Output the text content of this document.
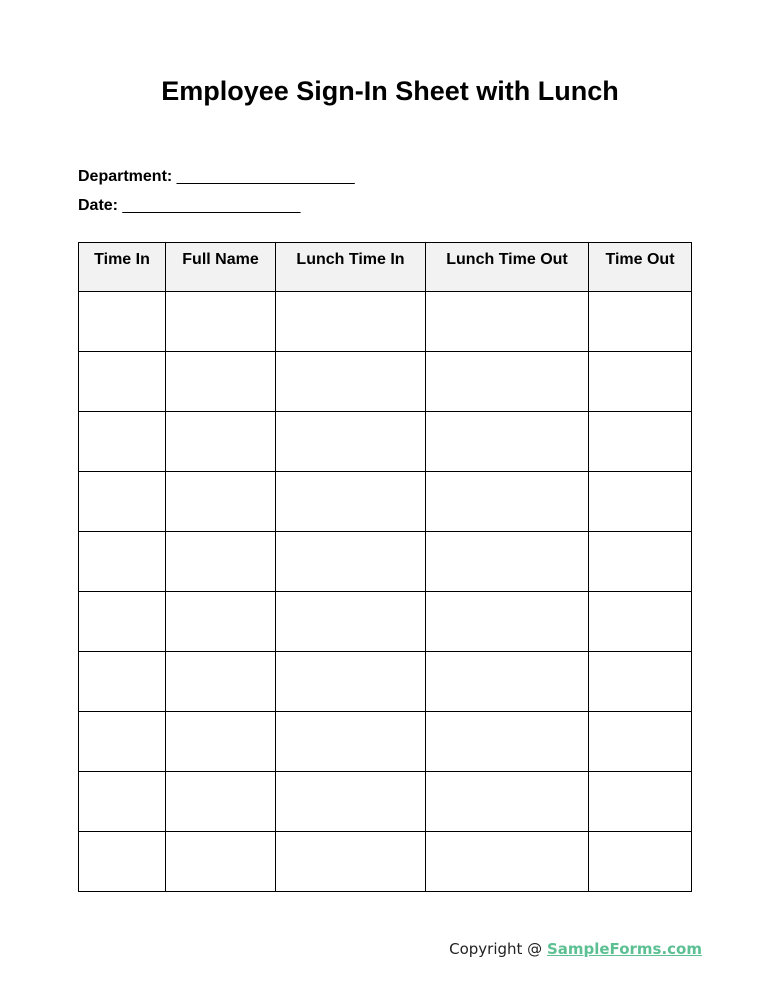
Employee Sign-In Sheet with Lunch
Department: ____________________
Date: ____________________
Time In	Full Name	Lunch Time In	Lunch Time Out	Time Out

Copyright @ SampleForms.com
